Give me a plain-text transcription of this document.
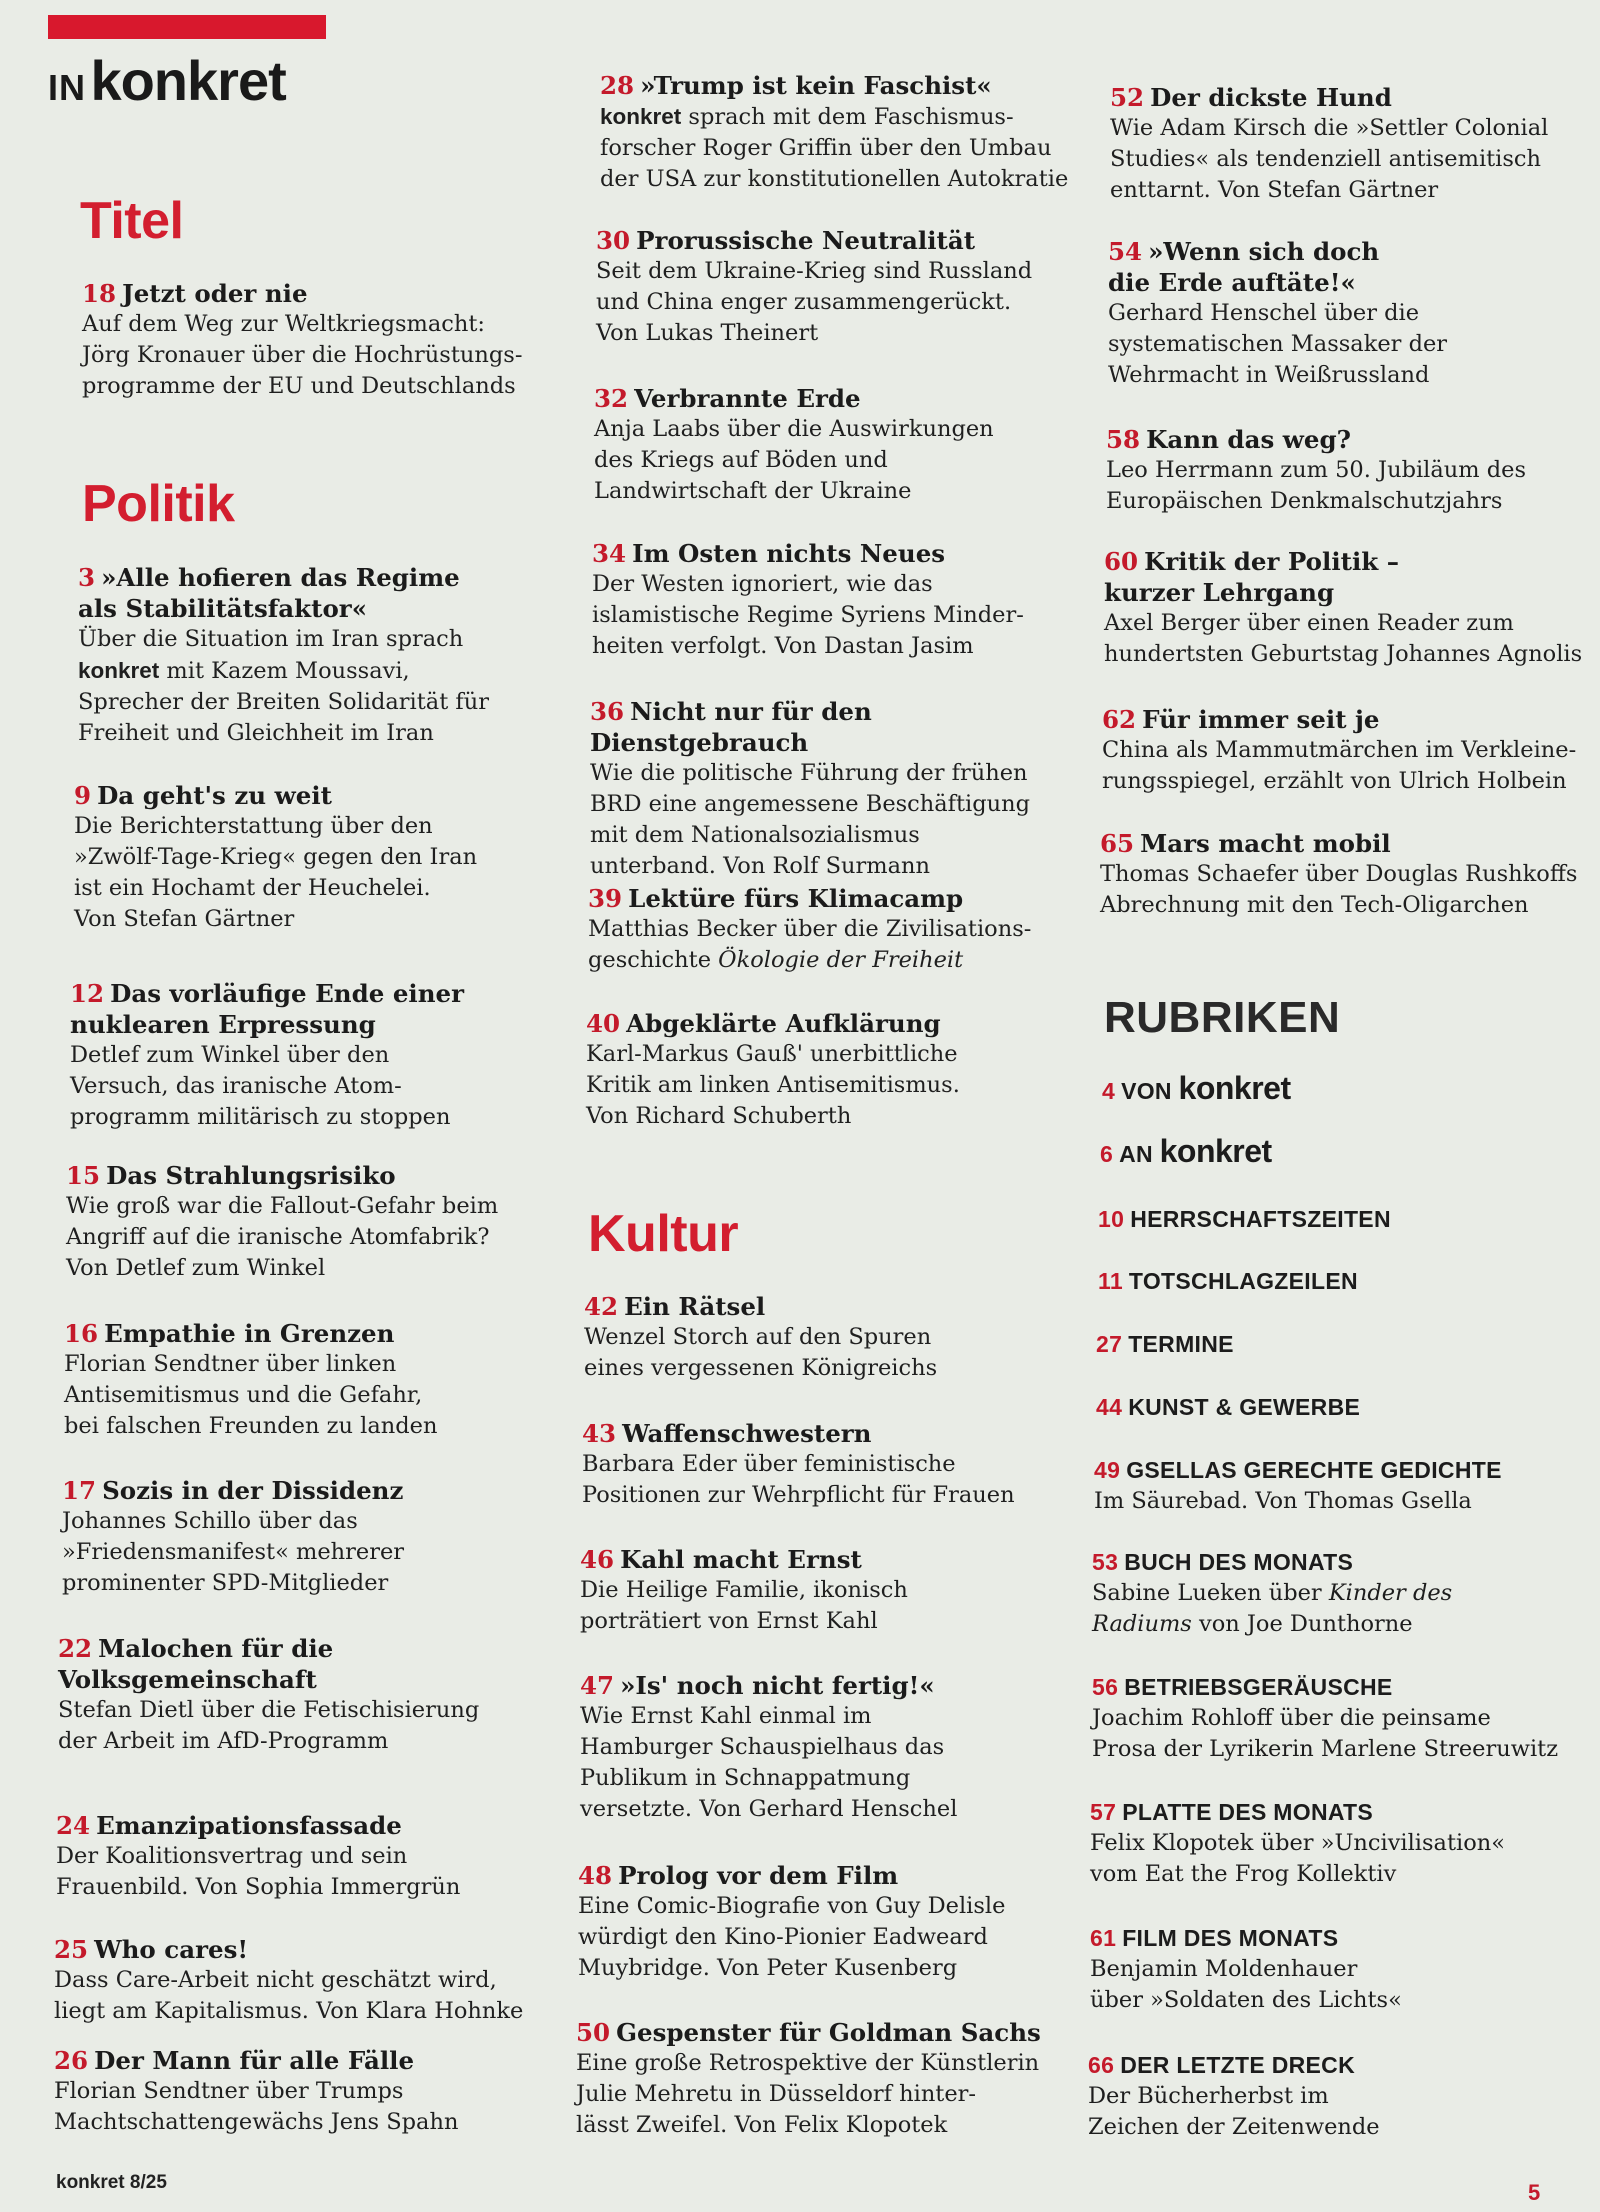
IN konkret
Titel
18 Jetzt oder nie
Auf dem Weg zur Weltkriegsmacht:
Jörg Kronauer über die Hochrüstungs-
programme der EU und Deutschlands
Politik
3 »Alle hofieren das Regime
als Stabilitätsfaktor«
Über die Situation im Iran sprach
konkret mit Kazem Moussavi,
Sprecher der Breiten Solidarität für
Freiheit und Gleichheit im Iran
9 Da geht's zu weit
Die Berichterstattung über den
»Zwölf-Tage-Krieg« gegen den Iran
ist ein Hochamt der Heuchelei.
Von Stefan Gärtner
12 Das vorläufige Ende einer
nuklearen Erpressung
Detlef zum Winkel über den
Versuch, das iranische Atom-
programm militärisch zu stoppen
15 Das Strahlungsrisiko
Wie groß war die Fallout-Gefahr beim
Angriff auf die iranische Atomfabrik?
Von Detlef zum Winkel
16 Empathie in Grenzen
Florian Sendtner über linken
Antisemitismus und die Gefahr,
bei falschen Freunden zu landen
17 Sozis in der Dissidenz
Johannes Schillo über das
»Friedensmanifest« mehrerer
prominenter SPD-Mitglieder
22 Malochen für die
Volksgemeinschaft
Stefan Dietl über die Fetischisierung
der Arbeit im AfD-Programm
24 Emanzipationsfassade
Der Koalitionsvertrag und sein
Frauenbild. Von Sophia Immergrün
25 Who cares!
Dass Care-Arbeit nicht geschätzt wird,
liegt am Kapitalismus. Von Klara Hohnke
26 Der Mann für alle Fälle
Florian Sendtner über Trumps
Machtschattengewächs Jens Spahn
28 »Trump ist kein Faschist«
konkret sprach mit dem Faschismus-
forscher Roger Griffin über den Umbau
der USA zur konstitutionellen Autokratie
30 Prorussische Neutralität
Seit dem Ukraine-Krieg sind Russland
und China enger zusammengerückt.
Von Lukas Theinert
32 Verbrannte Erde
Anja Laabs über die Auswirkungen
des Kriegs auf Böden und
Landwirtschaft der Ukraine
34 Im Osten nichts Neues
Der Westen ignoriert, wie das
islamistische Regime Syriens Minder-
heiten verfolgt. Von Dastan Jasim
36 Nicht nur für den Dienstgebrauch
Wie die politische Führung der frühen
BRD eine angemessene Beschäftigung
mit dem Nationalsozialismus
unterband. Von Rolf Surmann
39 Lektüre fürs Klimacamp
Matthias Becker über die Zivilisations-
geschichte Ökologie der Freiheit
40 Abgeklärte Aufklärung
Karl-Markus Gauß' unerbittliche
Kritik am linken Antisemitismus.
Von Richard Schuberth
Kultur
42 Ein Rätsel
Wenzel Storch auf den Spuren
eines vergessenen Königreichs
43 Waffenschwestern
Barbara Eder über feministische
Positionen zur Wehrpflicht für Frauen
46 Kahl macht Ernst
Die Heilige Familie, ikonisch
porträtiert von Ernst Kahl
47 »Is' noch nicht fertig!«
Wie Ernst Kahl einmal im
Hamburger Schauspielhaus das
Publikum in Schnappatmung
versetzte. Von Gerhard Henschel
48 Prolog vor dem Film
Eine Comic-Biografie von Guy Delisle
würdigt den Kino-Pionier Eadweard
Muybridge. Von Peter Kusenberg
50 Gespenster für Goldman Sachs
Eine große Retrospektive der Künstlerin
Julie Mehretu in Düsseldorf hinter-
lässt Zweifel. Von Felix Klopotek
52 Der dickste Hund
Wie Adam Kirsch die »Settler Colonial
Studies« als tendenziell antisemitisch
enttarnt. Von Stefan Gärtner
54 »Wenn sich doch
die Erde auftäte!«
Gerhard Henschel über die
systematischen Massaker der
Wehrmacht in Weißrussland
58 Kann das weg?
Leo Herrmann zum 50. Jubiläum des
Europäischen Denkmalschutzjahrs
60 Kritik der Politik –
kurzer Lehrgang
Axel Berger über einen Reader zum
hundertsten Geburtstag Johannes Agnolis
62 Für immer seit je
China als Mammutmärchen im Verkleine-
rungsspiegel, erzählt von Ulrich Holbein
65 Mars macht mobil
Thomas Schaefer über Douglas Rushkoffs
Abrechnung mit den Tech-Oligarchen
RUBRIKEN
4 VON konkret
6 AN konkret
10 HERRSCHAFTSZEITEN
11 TOTSCHLAGZEILEN
27 TERMINE
44 KUNST & GEWERBE
49 GSELLAS GERECHTE GEDICHTE
Im Säurebad. Von Thomas Gsella
53 BUCH DES MONATS
Sabine Lueken über Kinder des
Radiums von Joe Dunthorne
56 BETRIEBSGERÄUSCHE
Joachim Rohloff über die peinsame
Prosa der Lyrikerin Marlene Streeruwitz
57 PLATTE DES MONATS
Felix Klopotek über »Uncivilisation«
vom Eat the Frog Kollektiv
61 FILM DES MONATS
Benjamin Moldenhauer
über »Soldaten des Lichts«
66 DER LETZTE DRECK
Der Bücherherbst im
Zeichen der Zeitenwende
konkret 8/25	5
